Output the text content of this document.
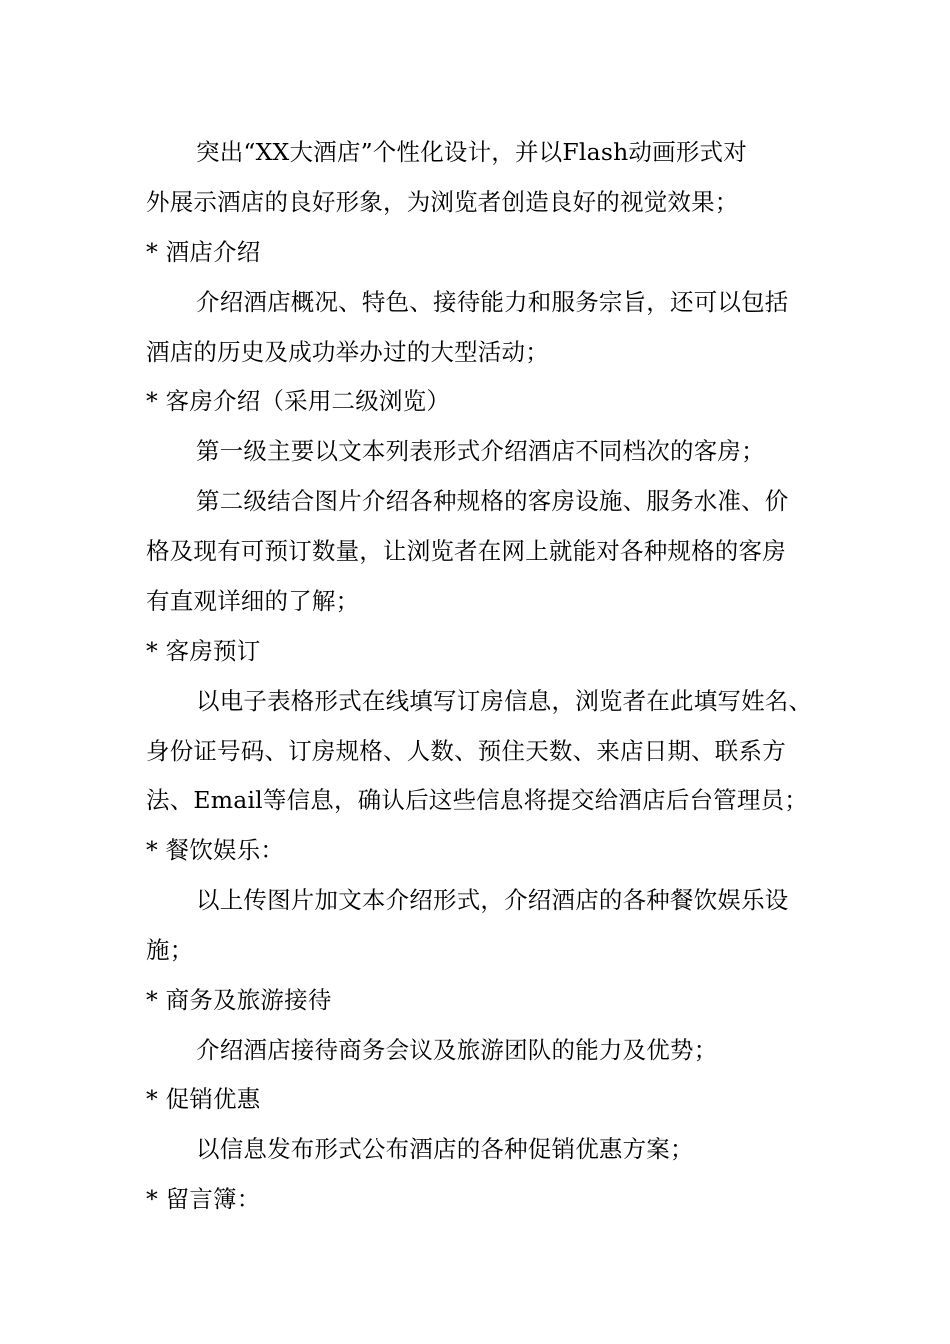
突出“XX大酒店”个性化设计，并以Flash动画形式对
外展示酒店的良好形象，为浏览者创造良好的视觉效果；
* 酒店介绍
介绍酒店概况、特色、接待能力和服务宗旨，还可以包括
酒店的历史及成功举办过的大型活动；
* 客房介绍（采用二级浏览）
第一级主要以文本列表形式介绍酒店不同档次的客房；
第二级结合图片介绍各种规格的客房设施、服务水准、价
格及现有可预订数量，让浏览者在网上就能对各种规格的客房
有直观详细的了解；
* 客房预订
以电子表格形式在线填写订房信息，浏览者在此填写姓名、
身份证号码、订房规格、人数、预住天数、来店日期、联系方
法、Email等信息，确认后这些信息将提交给酒店后台管理员；
* 餐饮娱乐：
以上传图片加文本介绍形式，介绍酒店的各种餐饮娱乐设
施；
* 商务及旅游接待
介绍酒店接待商务会议及旅游团队的能力及优势；
* 促销优惠
以信息发布形式公布酒店的各种促销优惠方案；
* 留言簿：
